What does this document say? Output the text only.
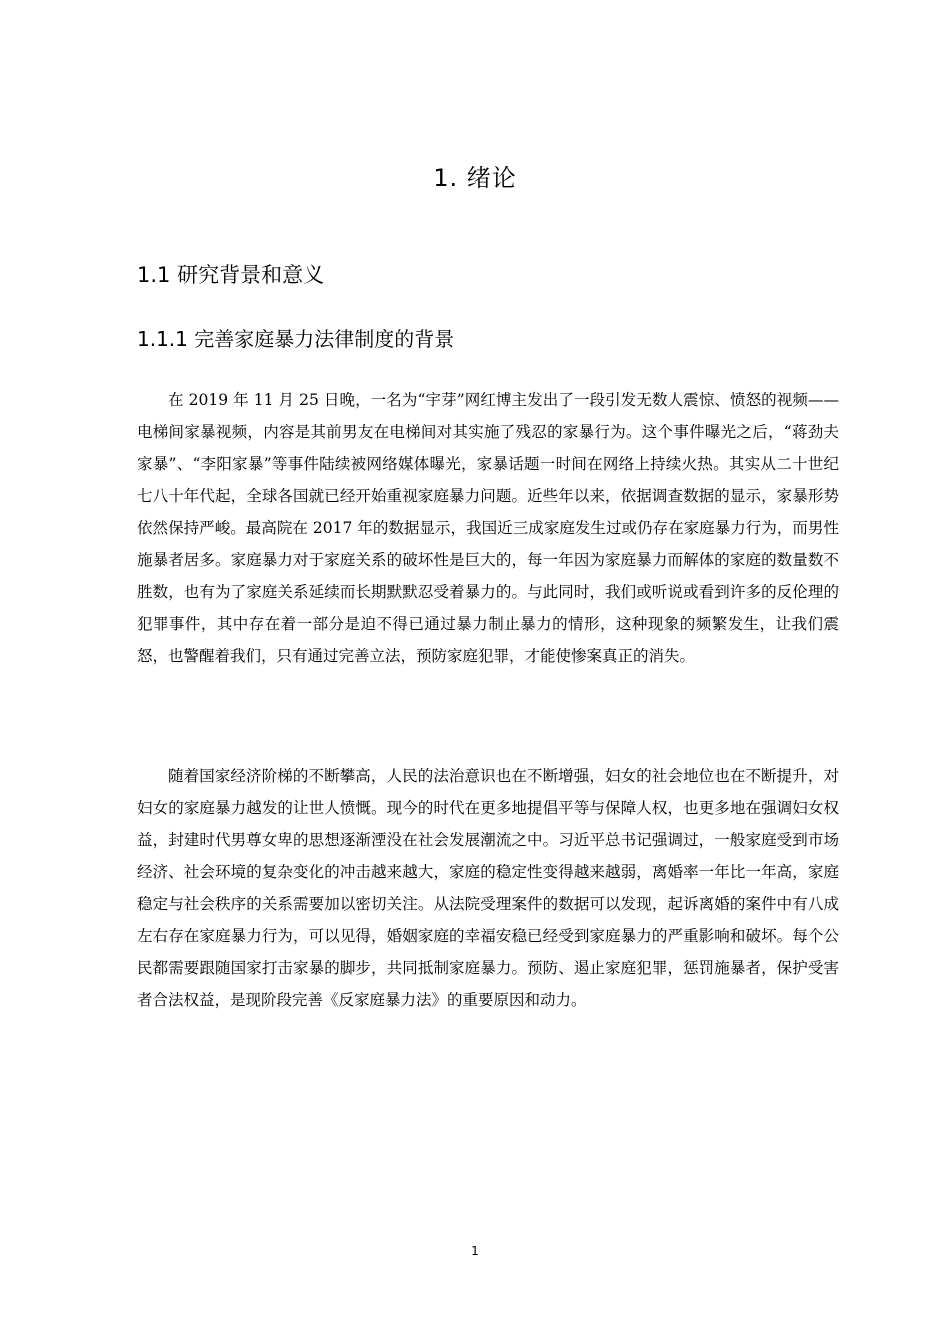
1. 绪论
1.1 研究背景和意义
1.1.1 完善家庭暴力法律制度的背景

在 2019 年 11 月 25 日晚，一名为“宇芽”网红博主发出了一段引发无数人震惊、愤怒的视频——电梯间家暴视频，内容是其前男友在电梯间对其实施了残忍的家暴行为。这个事件曝光之后，“蒋劲夫家暴”、“李阳家暴”等事件陆续被网络媒体曝光，家暴话题一时间在网络上持续火热。其实从二十世纪七八十年代起，全球各国就已经开始重视家庭暴力问题。近些年以来，依据调查数据的显示，家暴形势依然保持严峻。最高院在 2017 年的数据显示，我国近三成家庭发生过或仍存在家庭暴力行为，而男性施暴者居多。家庭暴力对于家庭关系的破坏性是巨大的，每一年因为家庭暴力而解体的家庭的数量数不胜数，也有为了家庭关系延续而长期默默忍受着暴力的。与此同时，我们或听说或看到许多的反伦理的犯罪事件，其中存在着一部分是迫不得已通过暴力制止暴力的情形，这种现象的频繁发生，让我们震怒，也警醒着我们，只有通过完善立法，预防家庭犯罪，才能使惨案真正的消失。

随着国家经济阶梯的不断攀高，人民的法治意识也在不断增强，妇女的社会地位也在不断提升，对妇女的家庭暴力越发的让世人愤慨。现今的时代在更多地提倡平等与保障人权，也更多地在强调妇女权益，封建时代男尊女卑的思想逐渐湮没在社会发展潮流之中。习近平总书记强调过，一般家庭受到市场经济、社会环境的复杂变化的冲击越来越大，家庭的稳定性变得越来越弱，离婚率一年比一年高，家庭稳定与社会秩序的关系需要加以密切关注。从法院受理案件的数据可以发现，起诉离婚的案件中有八成左右存在家庭暴力行为，可以见得，婚姻家庭的幸福安稳已经受到家庭暴力的严重影响和破坏。每个公民都需要跟随国家打击家暴的脚步，共同抵制家庭暴力。预防、遏止家庭犯罪，惩罚施暴者，保护受害者合法权益，是现阶段完善《反家庭暴力法》的重要原因和动力。

1
